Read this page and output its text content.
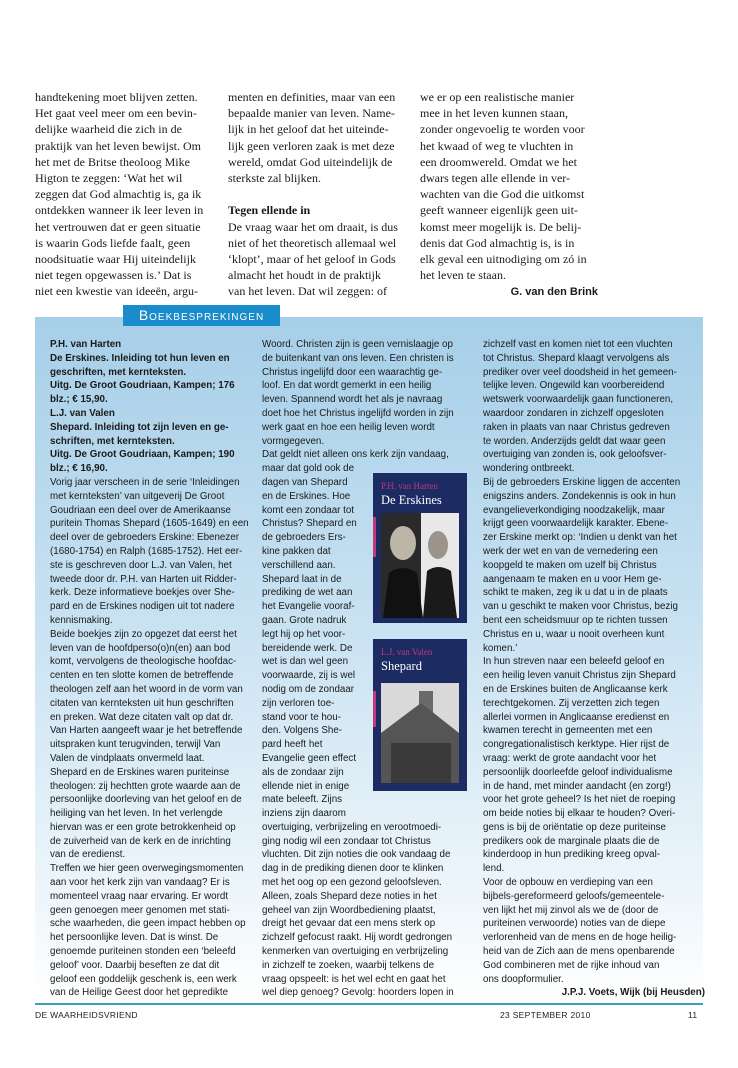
handtekening moet blijven zetten.
Het gaat veel meer om een bevin-
delijke waarheid die zich in de
praktijk van het leven bewijst. Om
het met de Britse theoloog Mike
Higton te zeggen: ‘Wat het wil
zeggen dat God almachtig is, ga ik
ontdekken wanneer ik leer leven in
het vertrouwen dat er geen situatie
is waarin Gods liefde faalt, geen
noodsituatie waar Hij uiteindelijk
niet tegen opgewassen is.’ Dat is
niet een kwestie van ideeën, argu-
menten en definities, maar van een
bepaalde manier van leven. Name-
lijk in het geloof dat het uiteinde-
lijk geen verloren zaak is met deze
wereld, omdat God uiteindelijk de
sterkste zal blijken.
Tegen ellende in
De vraag waar het om draait, is dus
niet of het theoretisch allemaal wel
‘klopt’, maar of het geloof in Gods
almacht het houdt in de praktijk
van het leven. Dat wil zeggen: of
we er op een realistische manier
mee in het leven kunnen staan,
zonder ongevoelig te worden voor
het kwaad of weg te vluchten in
een droomwereld. Omdat we het
dwars tegen alle ellende in ver-
wachten van die God die uitkomst
geeft wanneer eigenlijk geen uit-
komst meer mogelijk is. De belij-
denis dat God almachtig is, is in
elk geval een uitnodiging om zó in
het leven te staan.
G. van den Brink
Boekbesprekingen
P.H. van Harten
De Erskines. Inleiding tot hun leven en
geschriften, met kernteksten.
Uitg. De Groot Goudriaan, Kampen; 176
blz.; € 15,90.
L.J. van Valen
Shepard. Inleiding tot zijn leven en ge-
schriften, met kernteksten.
Uitg. De Groot Goudriaan, Kampen; 190
blz.; € 16,90.
Vorig jaar verscheen in de serie ‘Inleidingen
met kernteksten’ van uitgeverij De Groot
Goudriaan een deel over de Amerikaanse
puritein Thomas Shepard (1605-1649) en een
deel over de gebroeders Erskine: Ebenezer
(1680-1754) en Ralph (1685-1752). Het eer-
ste is geschreven door L.J. van Valen, het
tweede door dr. P.H. van Harten uit Ridder-
kerk. Deze informatieve boekjes over She-
pard en de Erskines nodigen uit tot nadere
kennismaking.
Beide boekjes zijn zo opgezet dat eerst het
leven van de hoofdperso(o)n(en) aan bod
komt, vervolgens de theologische hoofdac-
centen en ten slotte komen de betreffende
theologen zelf aan het woord in de vorm van
citaten van kernteksten uit hun geschriften
en preken. Wat deze citaten valt op dat dr.
Van Harten aangeeft waar je het betreffende
uitspraken kunt terugvinden, terwijl Van
Valen de vindplaats onvermeld laat.
Shepard en de Erskines waren puriteinse
theologen: zij hechtten grote waarde aan de
persoonlijke doorleving van het geloof en de
heiliging van het leven. In het verlengde
hiervan was er een grote betrokkenheid op
de zuiverheid van de kerk en de inrichting
van de eredienst.
Treffen we hier geen overwegingsmomenten
aan voor het kerk zijn van vandaag? Er is
momenteel vraag naar ervaring. Er wordt
geen genoegen meer genomen met stati-
sche waarheden, die geen impact hebben op
het persoonlijke leven. Dat is winst. De
genoemde puriteinen stonden een ‘beleefd
geloof’ voor. Daarbij beseften ze dat dit
geloof een goddelijk geschenk is, een werk
van de Heilige Geest door het gepredikte
Woord. Christen zijn is geen vernislaagje op
de buitenkant van ons leven. Een christen is
Christus ingelijfd door een waarachtig ge-
loof. En dat wordt gemerkt in een heilig
leven. Spannend wordt het als je navraag
doet hoe het Christus ingelijfd worden in zijn
werk gaat en hoe een heilig leven wordt
vormgegeven.
Dat geldt niet alleen ons kerk zijn vandaag,
maar dat gold ook de
dagen van Shepard
en de Erskines. Hoe
komt een zondaar tot
Christus? Shepard en
de gebroeders Ers-
kine pakken dat
verschillend aan.
Shepard laat in de
prediking de wet aan
het Evangelie vooraf-
gaan. Grote nadruk
legt hij op het voor-
bereidende werk. De
wet is dan wel geen
voorwaarde, zij is wel
nodig om de zondaar
zijn verloren toe-
stand voor te hou-
den. Volgens She-
pard heeft het
Evangelie geen effect
als de zondaar zijn
ellende niet in enige
mate beleeft. Zijns
inziens zijn daarom
overtuiging, verbrijzeling en verootmoedi-
ging nodig wil een zondaar tot Christus
vluchten. Dit zijn noties die ook vandaag de
dag in de prediking dienen door te klinken
met het oog op een gezond geloofsleven.
Alleen, zoals Shepard deze noties in het
geheel van zijn Woordbediening plaatst,
dreigt het gevaar dat een mens sterk op
zichzelf gefocust raakt. Hij wordt gedrongen
kenmerken van overtuiging en verbrijzeling
in zichzelf te zoeken, waarbij telkens de
vraag opspeelt: is het wel echt en gaat het
wel diep genoeg? Gevolg: hoorders lopen in
zichzelf vast en komen niet tot een vluchten
tot Christus. Shepard klaagt vervolgens als
prediker over veel doodsheid in het gemeen-
telijke leven. Ongewild kan voorbereidend
wetswerk voorwaardelijk gaan functioneren,
waardoor zondaren in zichzelf opgesloten
raken in plaats van naar Christus gedreven
te worden. Anderzijds geldt dat waar geen
overtuiging van zonden is, ook geloofsver-
wondering ontbreekt.
Bij de gebroeders Erskine liggen de accenten
enigszins anders. Zondekennis is ook in hun
evangelieverkondiging noodzakelijk, maar
krijgt geen voorwaardelijk karakter. Ebene-
zer Erskine merkt op: ‘Indien u denkt van het
werk der wet en van de vernedering een
koopgeld te maken om uzelf bij Christus
aangenaam te maken en u voor Hem ge-
schikt te maken, zeg ik u dat u in de plaats
van u geschikt te maken voor Christus, bezig
bent een scheidsmuur op te richten tussen
Christus en u, waar u nooit overheen kunt
komen.’
In hun streven naar een beleefd geloof en
een heilig leven vanuit Christus zijn Shepard
en de Erskines buiten de Anglicaanse kerk
terechtgekomen. Zij verzetten zich tegen
allerlei vormen in Anglicaanse eredienst en
kwamen terecht in gemeenten met een
congregationalistisch kerktype. Hier rijst de
vraag: werkt de grote aandacht voor het
persoonlijk doorleefde geloof individualisme
in de hand, met minder aandacht (en zorg!)
voor het grote geheel? Is het niet de roeping
om beide noties bij elkaar te houden? Overi-
gens is bij de oriëntatie op deze puriteinse
predikers ook de marginale plaats die de
kinderdoop in hun prediking kreeg opval-
lend.
Voor de opbouw en verdieping van een
bijbels-gereformeerd geloofs/gemeentele-
ven lijkt het mij zinvol als we de (door de
puriteinen verwoorde) noties van de diepe
verlorenheid van de mens en de hoge heilig-
heid van de Zich aan de mens openbarende
God combineren met de rijke inhoud van
ons doopformulier.
J.P.J. Voets, Wijk (bij Heusden)
P.H. van Harten
De Erskines
L.J. van Valen
Shepard
DE WAARHEIDSVRIEND	23 SEPTEMBER 2010	11
